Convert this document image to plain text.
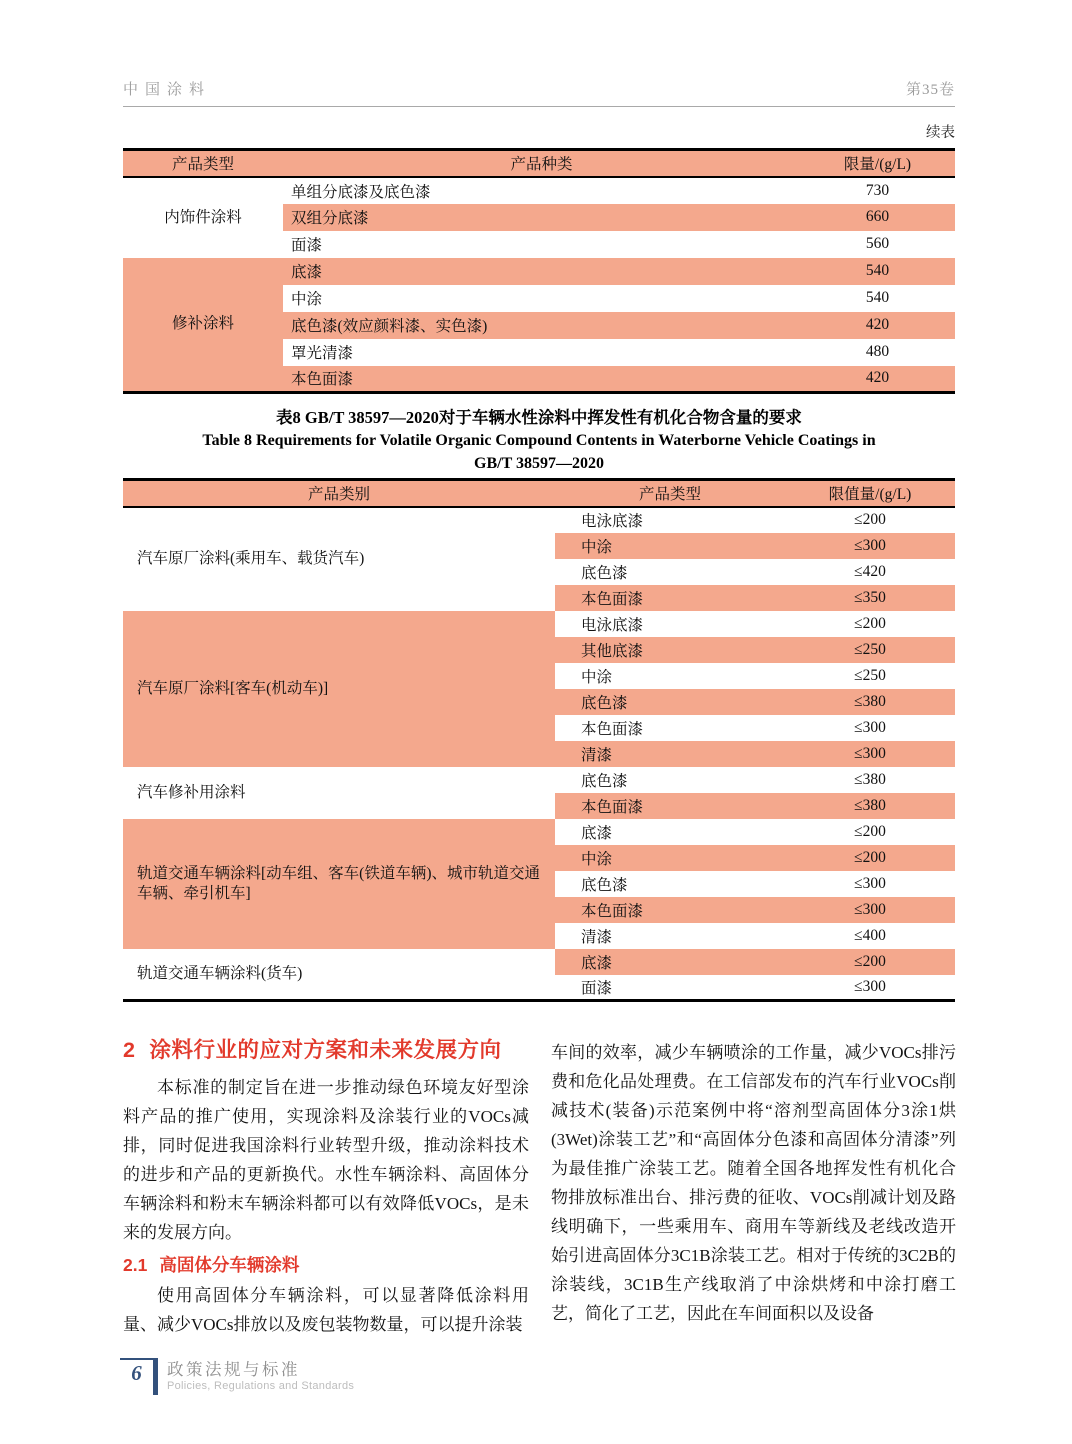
中国涂料	第35卷
续表
产品类型	产品种类	限量/(g/L)
内饰件涂料	单组分底漆及底色漆	730
	双组分底漆	660
	面漆	560
修补涂料	底漆	540
	中涂	540
	底色漆(效应颜料漆、实色漆)	420
	罩光清漆	480
	本色面漆	420
表8 GB/T 38597—2020对于车辆水性涂料中挥发性有机化合物含量的要求
Table 8 Requirements for Volatile Organic Compound Contents in Waterborne Vehicle Coatings in
GB/T 38597—2020
产品类别	产品类型	限值量/(g/L)
汽车原厂涂料(乘用车、载货汽车)	电泳底漆	≤200
	中涂	≤300
	底色漆	≤420
	本色面漆	≤350
汽车原厂涂料[客车(机动车)]	电泳底漆	≤200
	其他底漆	≤250
	中涂	≤250
	底色漆	≤380
	本色面漆	≤300
	清漆	≤300
汽车修补用涂料	底色漆	≤380
	本色面漆	≤380
轨道交通车辆涂料[动车组、客车(铁道车辆)、城市轨道交通车辆、牵引机车]	底漆	≤200
	中涂	≤200
	底色漆	≤300
	本色面漆	≤300
	清漆	≤400
轨道交通车辆涂料(货车)	底漆	≤200
	面漆	≤300
2 涂料行业的应对方案和未来发展方向

本标准的制定旨在进一步推动绿色环境友好型涂料产品的推广使用，实现涂料及涂装行业的VOCs减排，同时促进我国涂料行业转型升级，推动涂料技术的进步和产品的更新换代。水性车辆涂料、高固体分车辆涂料和粉末车辆涂料都可以有效降低VOCs，是未来的发展方向。

2.1 高固体分车辆涂料

使用高固体分车辆涂料，可以显著降低涂料用量、减少VOCs排放以及废包装物数量，可以提升涂装

车间的效率，减少车辆喷涂的工作量，减少VOCs排污费和危化品处理费。在工信部发布的汽车行业VOCs削减技术(装备)示范案例中将“溶剂型高固体分3涂1烘(3Wet)涂装工艺”和“高固体分色漆和高固体分清漆”列为最佳推广涂装工艺。随着全国各地挥发性有机化合物排放标准出台、排污费的征收、VOCs削减计划及路线明确下，一些乘用车、商用车等新线及老线改造开始引进高固体分3C1B涂装工艺。相对于传统的3C2B的涂装线，3C1B生产线取消了中涂烘烤和中涂打磨工艺，简化了工艺，因此在车间面积以及设备

6	政策法规与标准
Policies, Regulations and Standards
